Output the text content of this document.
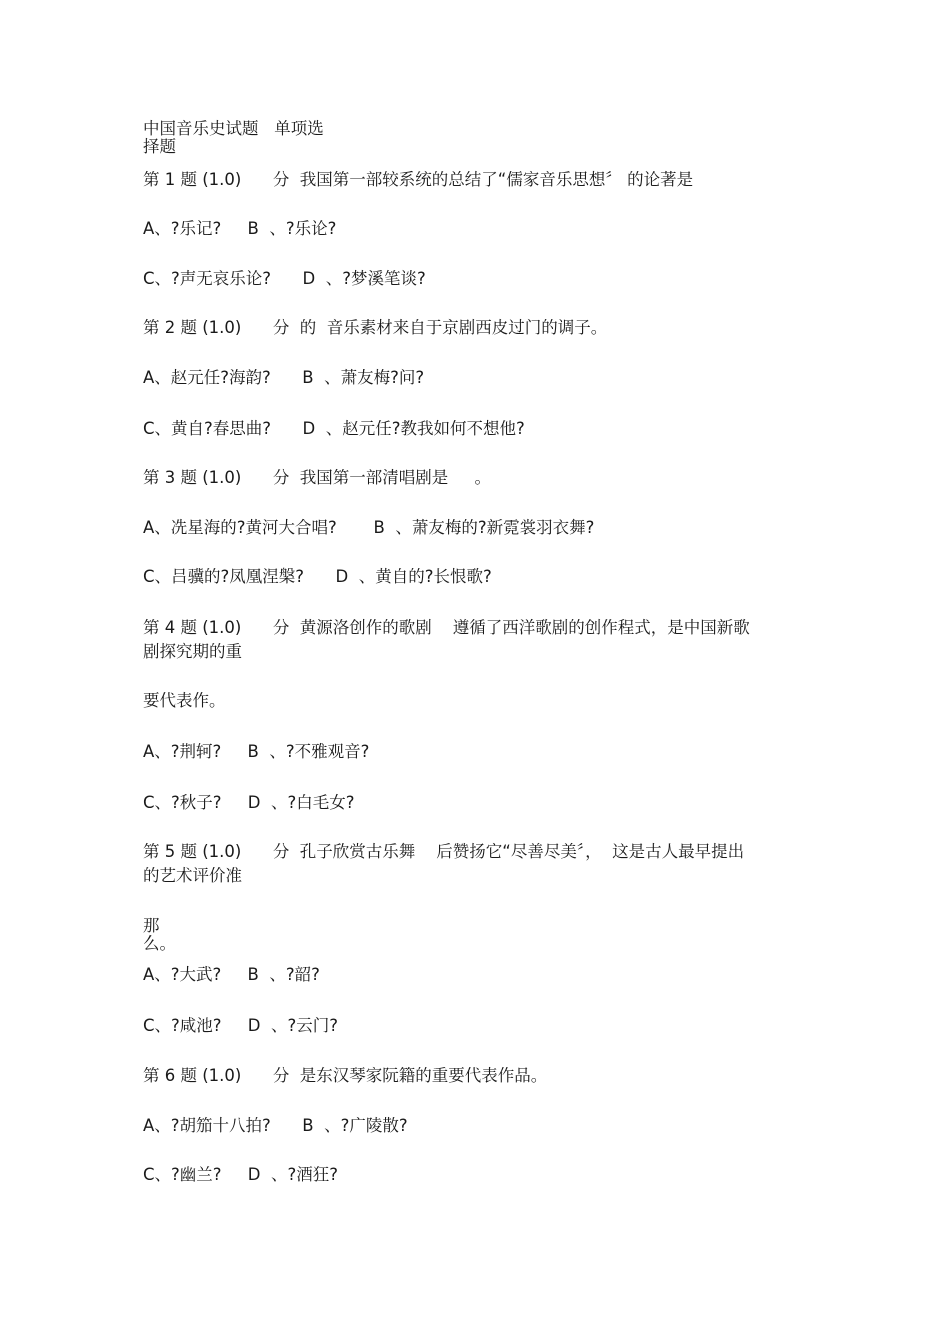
中国音乐史试题   单项选

择题

第 1 题 (1.0)      分  我国第一部较系统的总结了“儒家音乐思想〞 的论著是

A、?乐记?     B  、?乐论?

C、?声无哀乐论?      D  、?梦溪笔谈?

第 2 题 (1.0)      分  的  音乐素材来自于京剧西皮过门的调子。

A、赵元任?海韵?      B  、萧友梅?问?

C、黄自?春思曲?      D  、赵元任?教我如何不想他?

第 3 题 (1.0)      分  我国第一部清唱剧是     。

A、冼星海的?黄河大合唱?       B  、萧友梅的?新霓裳羽衣舞?

C、吕骥的?凤凰涅槃?      D  、黄自的?长恨歌?

第 4 题 (1.0)      分  黄源洛创作的歌剧    遵循了西洋歌剧的创作程式，是中国新歌

剧探究期的重

要代表作。

A、?荆轲?     B  、?不雅观音?

C、?秋子?     D  、?白毛女?

第 5 题 (1.0)      分  孔子欣赏古乐舞    后赞扬它“尽善尽美〞，  这是古人最早提出

的艺术评价准

那

么。

A、?大武?     B  、?韶?

C、?咸池?     D  、?云门?

第 6 题 (1.0)      分  是东汉琴家阮籍的重要代表作品。

A、?胡笳十八拍?      B  、?广陵散?

C、?幽兰?     D  、?酒狂?
